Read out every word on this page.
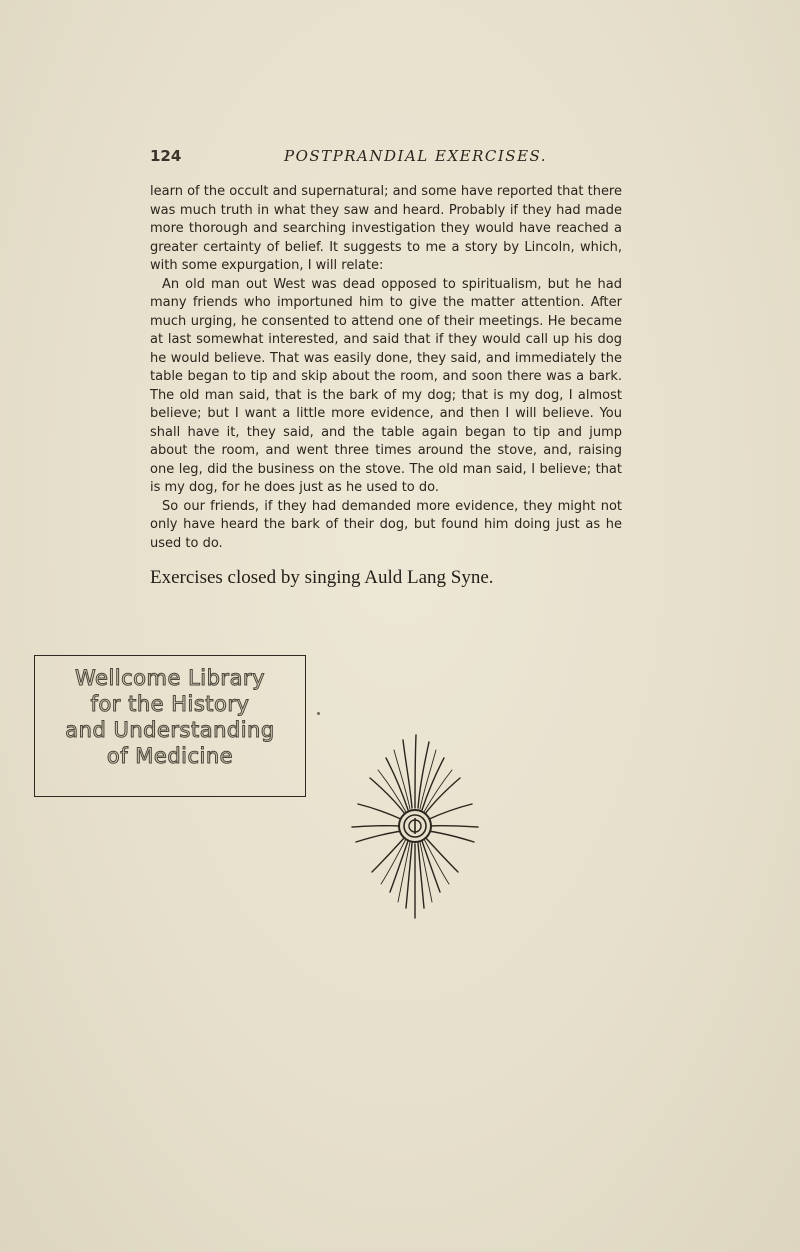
124	POSTPRANDIAL EXERCISES.

learn of the occult and supernatural; and some have reported that there was much truth in what they saw and heard. Probably if they had made more thorough and searching investigation they would have reached a greater certainty of belief. It suggests to me a story by Lincoln, which, with some expurgation, I will relate:

An old man out West was dead opposed to spiritualism, but he had many friends who importuned him to give the matter attention. After much urging, he consented to attend one of their meetings. He became at last somewhat interested, and said that if they would call up his dog he would believe. That was easily done, they said, and immediately the table began to tip and skip about the room, and soon there was a bark. The old man said, that is the bark of my dog; that is my dog, I almost believe; but I want a little more evidence, and then I will believe. You shall have it, they said, and the table again began to tip and jump about the room, and went three times around the stove, and, raising one leg, did the business on the stove. The old man said, I believe; that is my dog, for he does just as he used to do.

So our friends, if they had demanded more evidence, they might not only have heard the bark of their dog, but found him doing just as he used to do.

Exercises closed by singing Auld Lang Syne.
Wellcome Library
for the History
and Understanding
of Medicine
